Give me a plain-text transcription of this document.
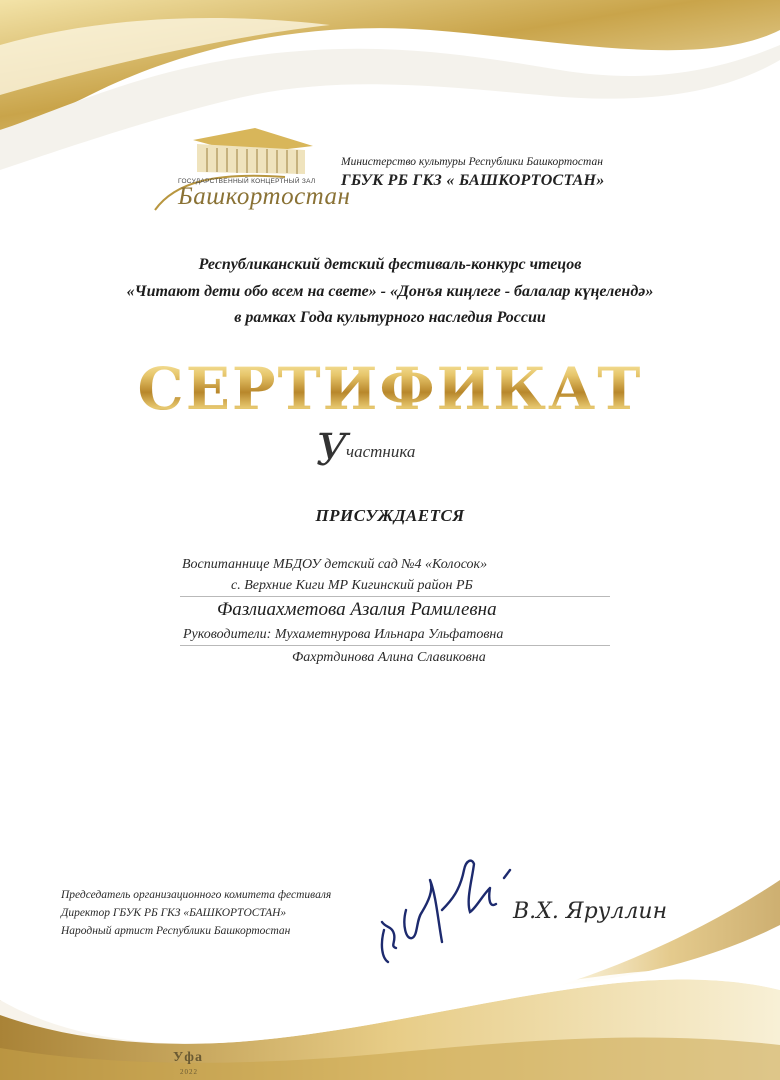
ГОСУДАРСТВЕННЫЙ КОНЦЕРТНЫЙ ЗАЛ
Башкортостан
Министерство культуры Республики Башкортостан
ГБУК РБ ГКЗ « БАШКОРТОСТАН»
Республиканский детский фестиваль-конкурс чтецов
«Читают дети обо всем на свете» - «Донъя киңлеге - балалар күңелендә»
в рамках Года культурного наследия России
СЕРТИФИКАТ
У
частника
ПРИСУЖДАЕТСЯ
Воспитаннице МБДОУ детский сад №4 «Колосок»
с. Верхние Киги МР Кигинский район РБ
Фазлиахметова Азалия Рамилевна
Руководители: Мухаметнурова Ильнара Ульфатовна
Фахртдинова Алина Славиковна
Председатель организационного комитета фестиваля
Директор ГБУК РБ ГКЗ «БАШКОРТОСТАН»
Народный артист Республики Башкортостан
В.Х. Яруллин
Уфа
2022
